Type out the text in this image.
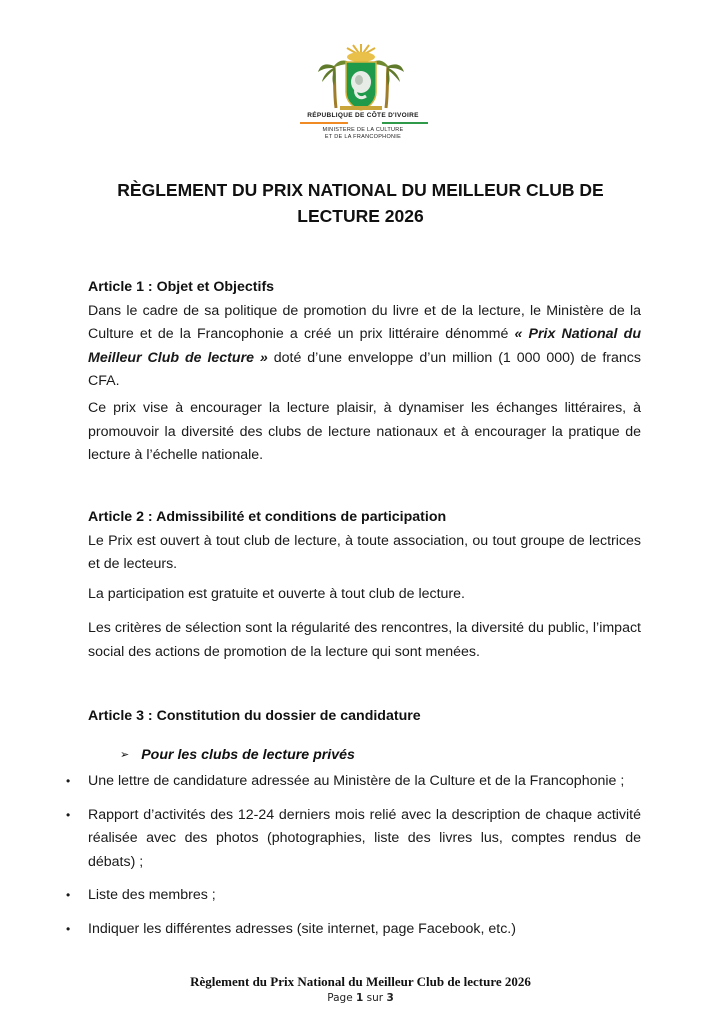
RÉPUBLIQUE DE CÔTE D'IVOIRE
MINISTERE DE LA CULTURE
ET DE LA FRANCOPHONIE
RÈGLEMENT DU PRIX NATIONAL DU MEILLEUR CLUB DE
LECTURE 2026
Article 1 : Objet et Objectifs

Dans le cadre de sa politique de promotion du livre et de la lecture, le Ministère de la Culture et de la Francophonie a créé un prix littéraire dénommé « Prix National du Meilleur Club de lecture » doté d’une enveloppe d’un million (1 000 000) de francs CFA.

Ce prix vise à encourager la lecture plaisir, à dynamiser les échanges littéraires, à promouvoir la diversité des clubs de lecture nationaux et à encourager la pratique de lecture à l’échelle nationale.

Article 2 : Admissibilité et conditions de participation

Le Prix est ouvert à tout club de lecture, à toute association, ou tout groupe de lectrices et de lecteurs.

La participation est gratuite et ouverte à tout club de lecture.

Les critères de sélection sont la régularité des rencontres, la diversité du public, l’impact social des actions de promotion de la lecture qui sont menées.

Article 3 : Constitution du dossier de candidature
➢ Pour les clubs de lecture privés
• Une lettre de candidature adressée au Ministère de la Culture et de la Francophonie ;
• Rapport d’activités des 12-24 derniers mois relié avec la description de chaque activité réalisée avec des photos (photographies, liste des livres lus, comptes rendus de débats) ;
• Liste des membres ;
• Indiquer les différentes adresses (site internet, page Facebook, etc.)
Règlement du Prix National du Meilleur Club de lecture 2026
Page 1 sur 3
